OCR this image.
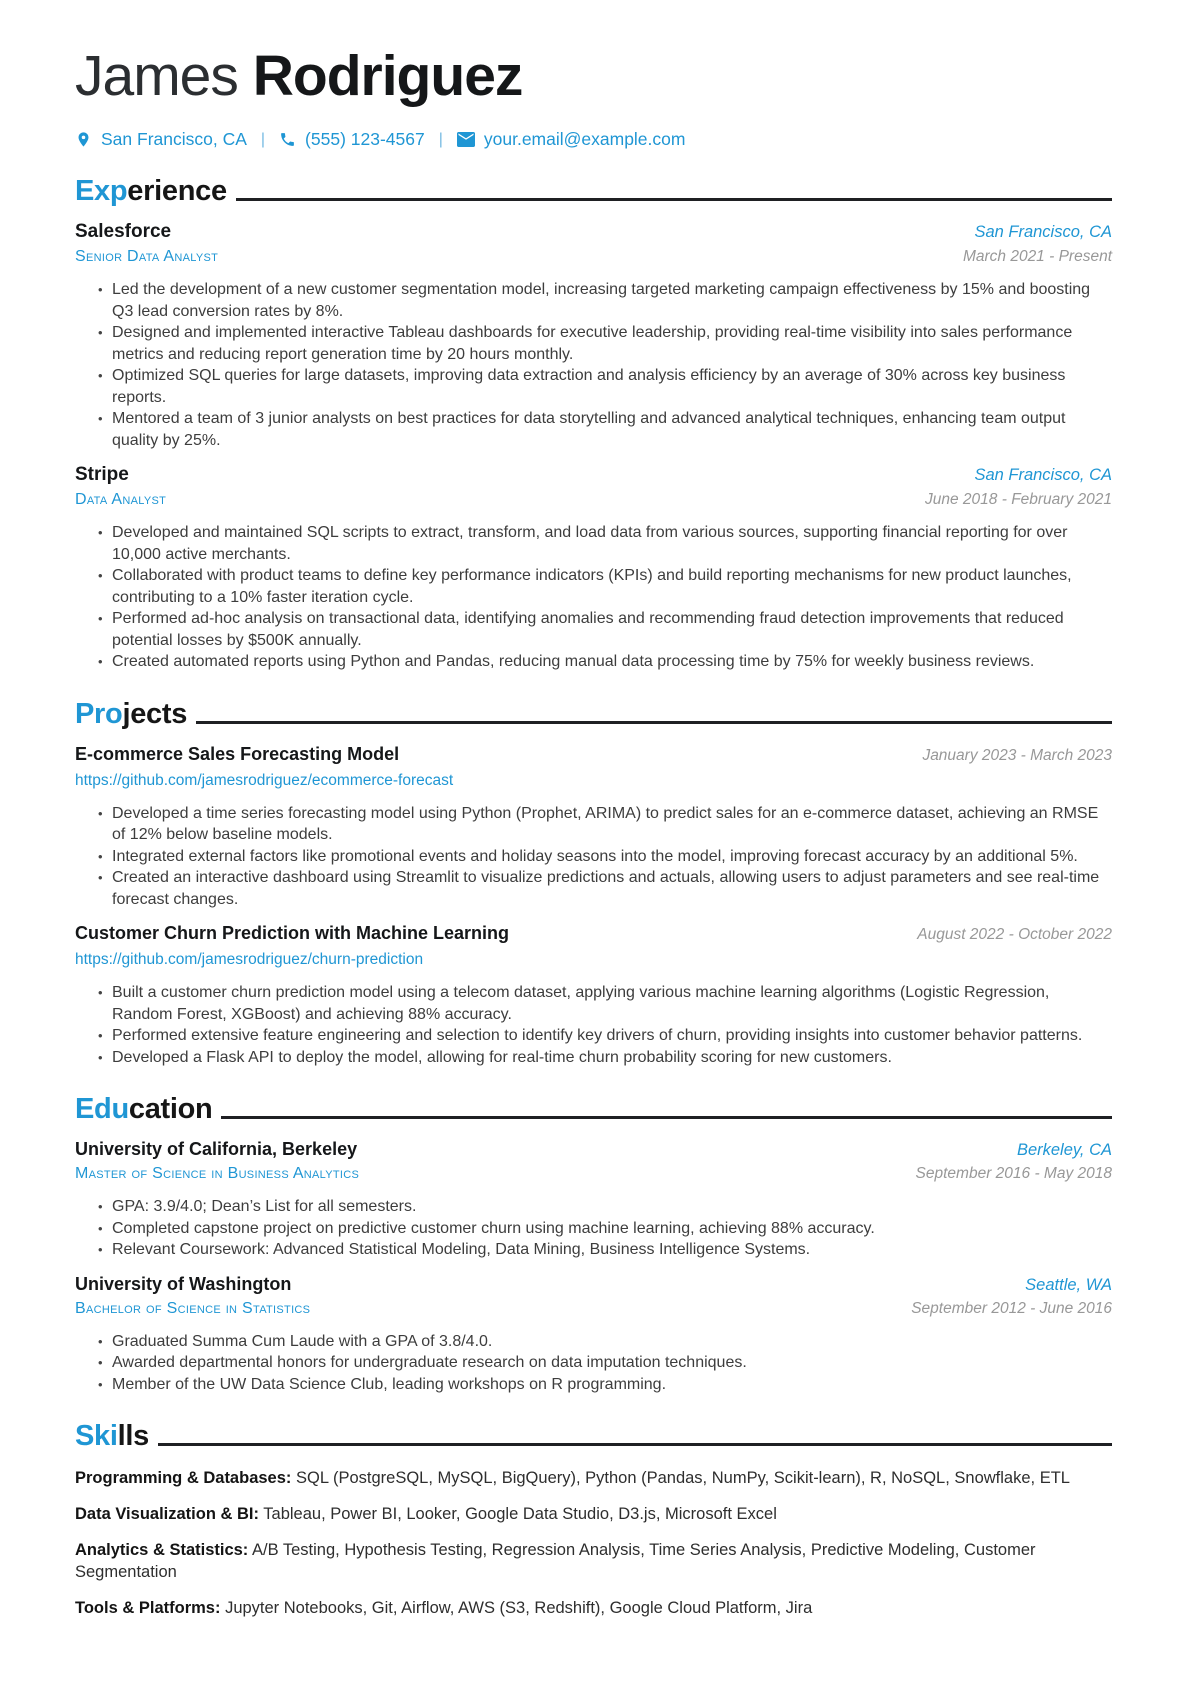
James Rodriguez
San Francisco, CA | (555) 123-4567 | your.email@example.com
Experience
Salesforce	San Francisco, CA
Senior Data Analyst	March 2021 - Present
• Led the development of a new customer segmentation model, increasing targeted marketing campaign effectiveness by 15% and boosting Q3 lead conversion rates by 8%.
• Designed and implemented interactive Tableau dashboards for executive leadership, providing real-time visibility into sales performance metrics and reducing report generation time by 20 hours monthly.
• Optimized SQL queries for large datasets, improving data extraction and analysis efficiency by an average of 30% across key business reports.
• Mentored a team of 3 junior analysts on best practices for data storytelling and advanced analytical techniques, enhancing team output quality by 25%.
Stripe	San Francisco, CA
Data Analyst	June 2018 - February 2021
• Developed and maintained SQL scripts to extract, transform, and load data from various sources, supporting financial reporting for over 10,000 active merchants.
• Collaborated with product teams to define key performance indicators (KPIs) and build reporting mechanisms for new product launches, contributing to a 10% faster iteration cycle.
• Performed ad-hoc analysis on transactional data, identifying anomalies and recommending fraud detection improvements that reduced potential losses by $500K annually.
• Created automated reports using Python and Pandas, reducing manual data processing time by 75% for weekly business reviews.
Projects
E-commerce Sales Forecasting Model	January 2023 - March 2023
https://github.com/jamesrodriguez/ecommerce-forecast
• Developed a time series forecasting model using Python (Prophet, ARIMA) to predict sales for an e-commerce dataset, achieving an RMSE of 12% below baseline models.
• Integrated external factors like promotional events and holiday seasons into the model, improving forecast accuracy by an additional 5%.
• Created an interactive dashboard using Streamlit to visualize predictions and actuals, allowing users to adjust parameters and see real-time forecast changes.
Customer Churn Prediction with Machine Learning	August 2022 - October 2022
https://github.com/jamesrodriguez/churn-prediction
• Built a customer churn prediction model using a telecom dataset, applying various machine learning algorithms (Logistic Regression, Random Forest, XGBoost) and achieving 88% accuracy.
• Performed extensive feature engineering and selection to identify key drivers of churn, providing insights into customer behavior patterns.
• Developed a Flask API to deploy the model, allowing for real-time churn probability scoring for new customers.
Education
University of California, Berkeley	Berkeley, CA
Master of Science in Business Analytics	September 2016 - May 2018
• GPA: 3.9/4.0; Dean’s List for all semesters.
• Completed capstone project on predictive customer churn using machine learning, achieving 88% accuracy.
• Relevant Coursework: Advanced Statistical Modeling, Data Mining, Business Intelligence Systems.
University of Washington	Seattle, WA
Bachelor of Science in Statistics	September 2012 - June 2016
• Graduated Summa Cum Laude with a GPA of 3.8/4.0.
• Awarded departmental honors for undergraduate research on data imputation techniques.
• Member of the UW Data Science Club, leading workshops on R programming.
Skills

Programming & Databases: SQL (PostgreSQL, MySQL, BigQuery), Python (Pandas, NumPy, Scikit-learn), R, NoSQL, Snowflake, ETL

Data Visualization & BI: Tableau, Power BI, Looker, Google Data Studio, D3.js, Microsoft Excel

Analytics & Statistics: A/B Testing, Hypothesis Testing, Regression Analysis, Time Series Analysis, Predictive Modeling, Customer Segmentation

Tools & Platforms: Jupyter Notebooks, Git, Airflow, AWS (S3, Redshift), Google Cloud Platform, Jira
